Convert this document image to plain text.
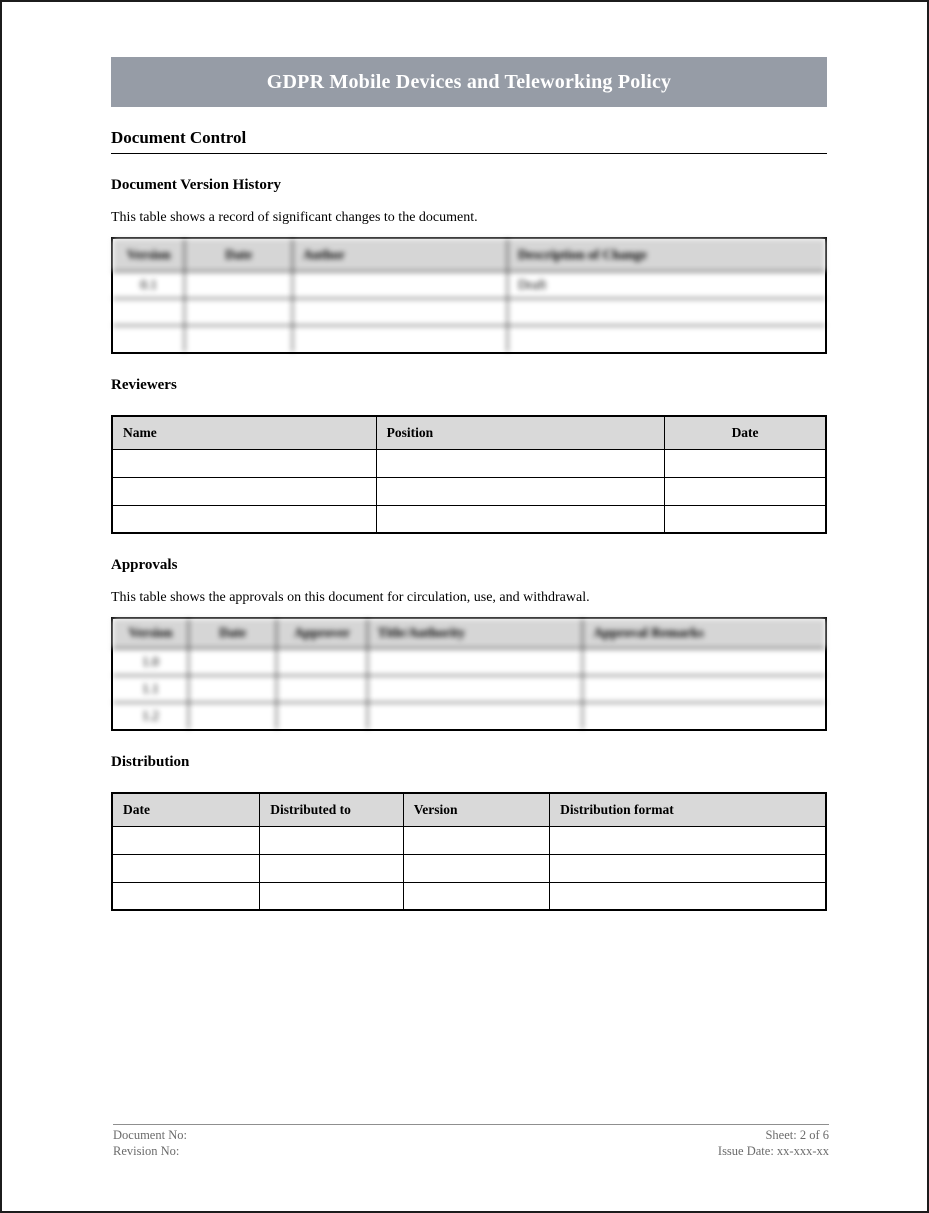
GDPR Mobile Devices and Teleworking Policy
Document Control
Document Version History
This table shows a record of significant changes to the document.
Version	Date	Author	Description of Change
0.1			Draft

Reviewers
Name	Position	Date

Approvals
This table shows the approvals on this document for circulation, use, and withdrawal.
Version	Date	Approver	Title/Authority	Approval Remarks
1.0				
1.1				
1.2				
Distribution
Date	Distributed to	Version	Distribution format

Document No:
Revision No:
Sheet: 2 of 6
Issue Date: xx-xxx-xx
